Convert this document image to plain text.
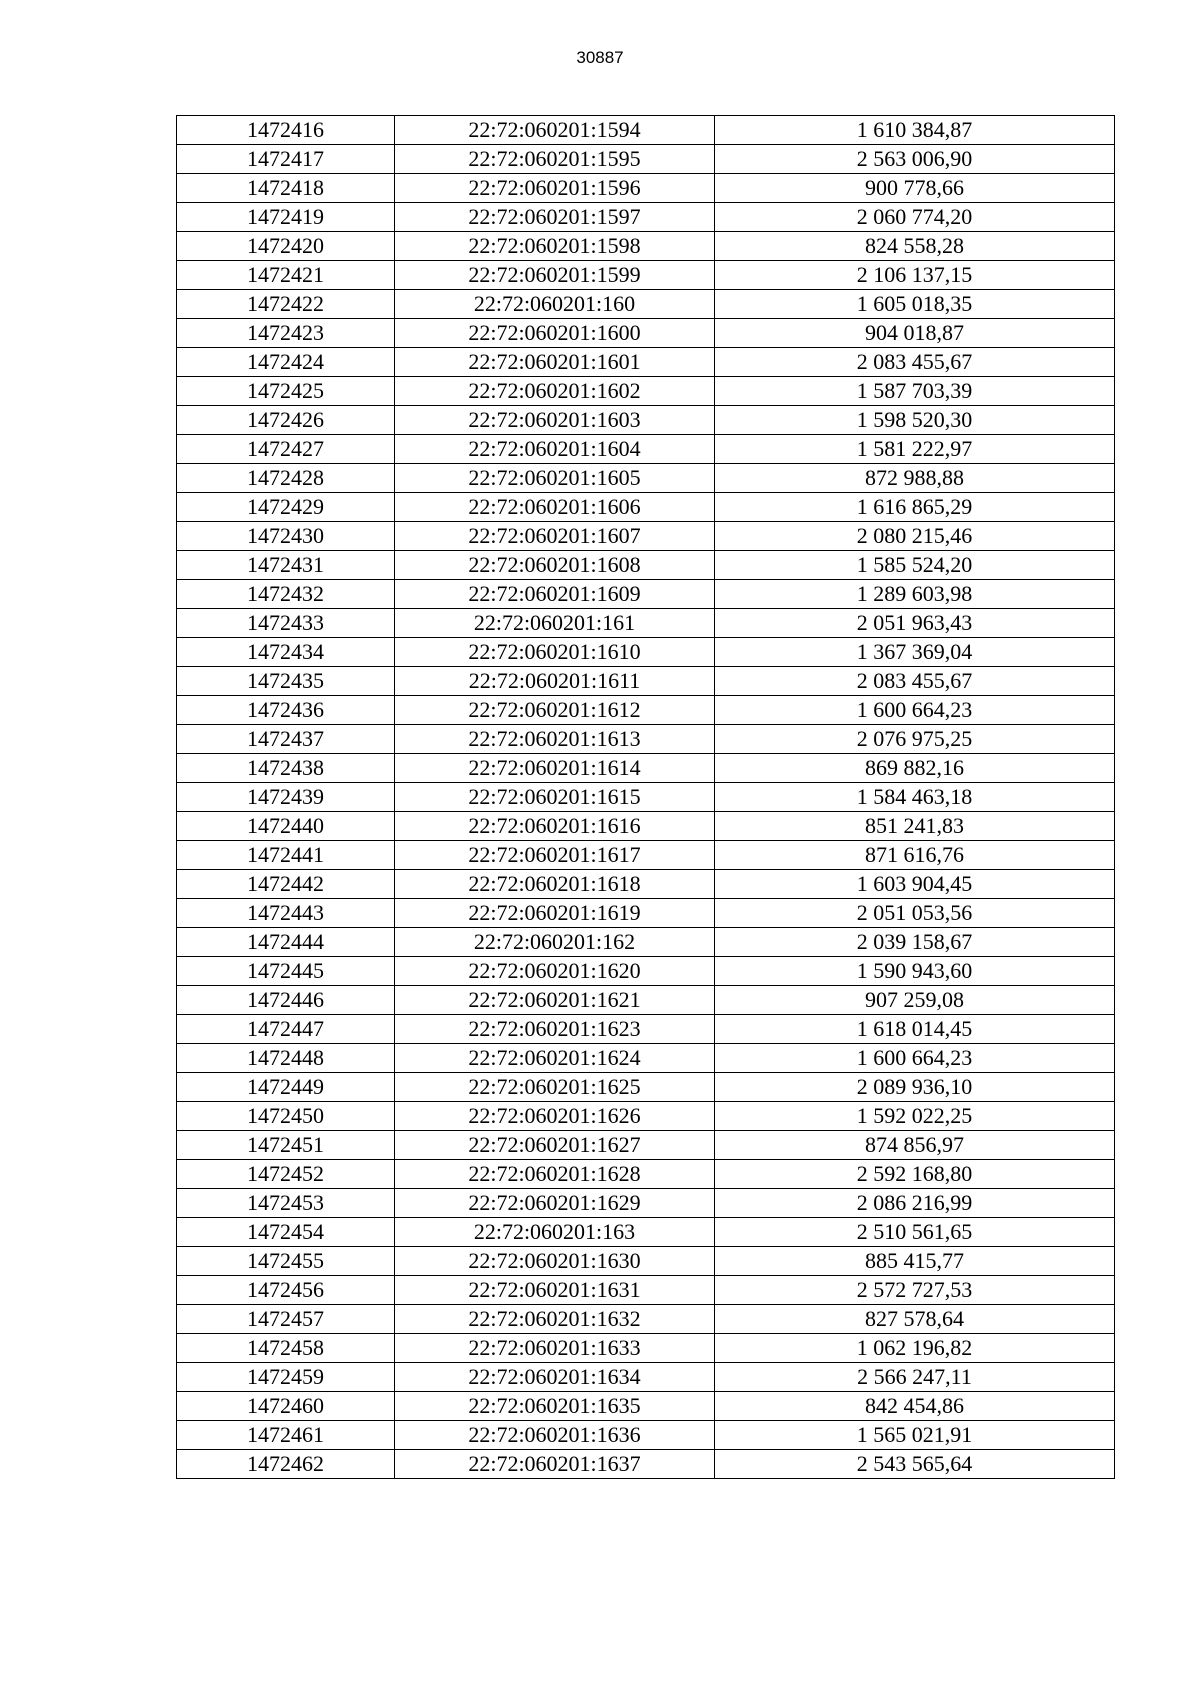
30887
1472416	22:72:060201:1594	1 610 384,87
1472417	22:72:060201:1595	2 563 006,90
1472418	22:72:060201:1596	900 778,66
1472419	22:72:060201:1597	2 060 774,20
1472420	22:72:060201:1598	824 558,28
1472421	22:72:060201:1599	2 106 137,15
1472422	22:72:060201:160	1 605 018,35
1472423	22:72:060201:1600	904 018,87
1472424	22:72:060201:1601	2 083 455,67
1472425	22:72:060201:1602	1 587 703,39
1472426	22:72:060201:1603	1 598 520,30
1472427	22:72:060201:1604	1 581 222,97
1472428	22:72:060201:1605	872 988,88
1472429	22:72:060201:1606	1 616 865,29
1472430	22:72:060201:1607	2 080 215,46
1472431	22:72:060201:1608	1 585 524,20
1472432	22:72:060201:1609	1 289 603,98
1472433	22:72:060201:161	2 051 963,43
1472434	22:72:060201:1610	1 367 369,04
1472435	22:72:060201:1611	2 083 455,67
1472436	22:72:060201:1612	1 600 664,23
1472437	22:72:060201:1613	2 076 975,25
1472438	22:72:060201:1614	869 882,16
1472439	22:72:060201:1615	1 584 463,18
1472440	22:72:060201:1616	851 241,83
1472441	22:72:060201:1617	871 616,76
1472442	22:72:060201:1618	1 603 904,45
1472443	22:72:060201:1619	2 051 053,56
1472444	22:72:060201:162	2 039 158,67
1472445	22:72:060201:1620	1 590 943,60
1472446	22:72:060201:1621	907 259,08
1472447	22:72:060201:1623	1 618 014,45
1472448	22:72:060201:1624	1 600 664,23
1472449	22:72:060201:1625	2 089 936,10
1472450	22:72:060201:1626	1 592 022,25
1472451	22:72:060201:1627	874 856,97
1472452	22:72:060201:1628	2 592 168,80
1472453	22:72:060201:1629	2 086 216,99
1472454	22:72:060201:163	2 510 561,65
1472455	22:72:060201:1630	885 415,77
1472456	22:72:060201:1631	2 572 727,53
1472457	22:72:060201:1632	827 578,64
1472458	22:72:060201:1633	1 062 196,82
1472459	22:72:060201:1634	2 566 247,11
1472460	22:72:060201:1635	842 454,86
1472461	22:72:060201:1636	1 565 021,91
1472462	22:72:060201:1637	2 543 565,64
